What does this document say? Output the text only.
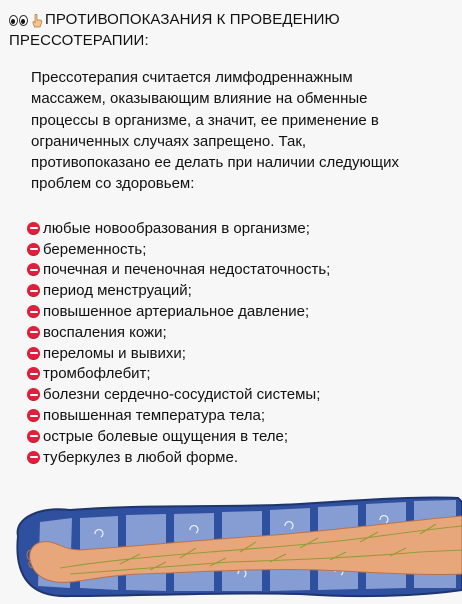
ПРОТИВОПОКАЗАНИЯ К ПРОВЕДЕНИЮ
ПРЕССОТЕРАПИИ:
Прессотерапия считается лимфодреннажным
массажем, оказывающим влияние на обменные
процессы в организме, а значит, ее применение в
ограниченных случаях запрещено. Так,
противопоказано ее делать при наличии следующих
проблем со здоровьем:
любые новообразования в организме;
беременность;
почечная и печеночная недостаточность;
период менструаций;
повышенное артериальное давление;
воспаления кожи;
переломы и вывихи;
тромбофлебит;
болезни сердечно-сосудистой системы;
повышенная температура тела;
острые болевые ощущения в теле;
туберкулез в любой форме.
